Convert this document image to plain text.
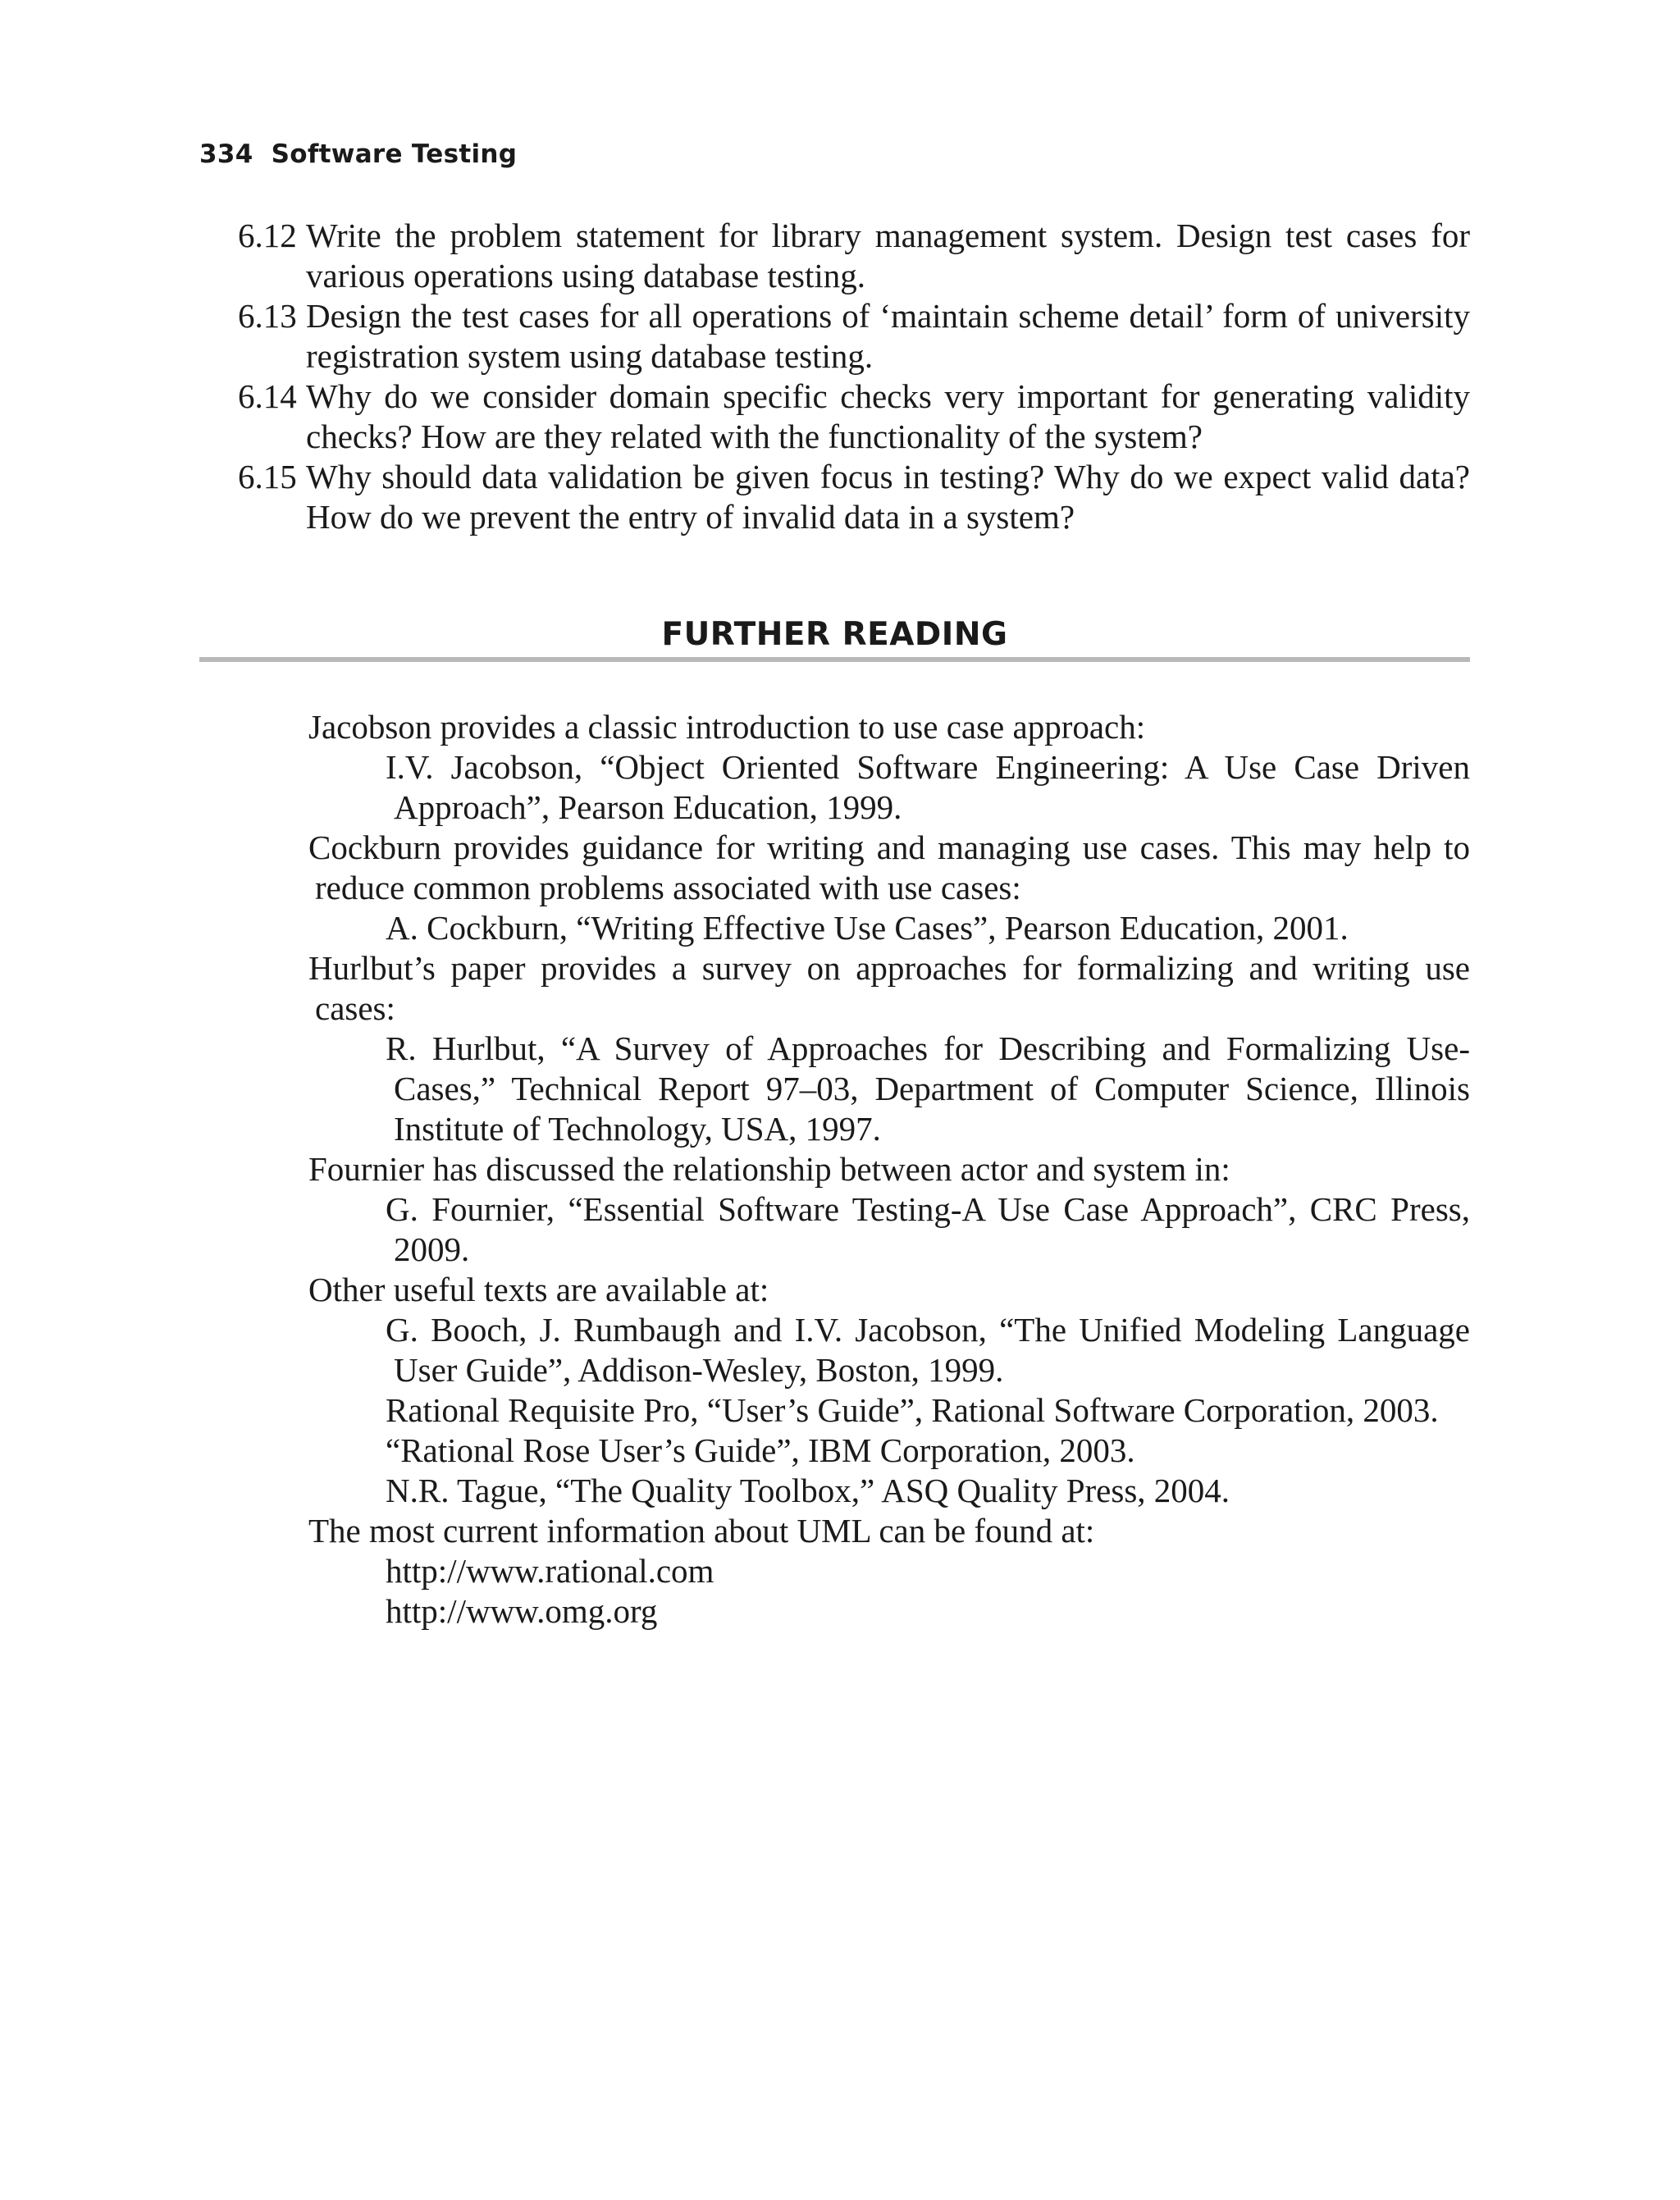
334 Software Testing
6.12 Write the problem statement for library management system. Design test cases for
various operations using database testing.
6.13 Design the test cases for all operations of ‘maintain scheme detail’ form of university
registration system using database testing.
6.14 Why do we consider domain specific checks very important for generating validity
checks? How are they related with the functionality of the system?
6.15 Why should data validation be given focus in testing? Why do we expect valid data?
How do we prevent the entry of invalid data in a system?
FURTHER READING

Jacobson provides a classic introduction to use case approach:

I.V. Jacobson, “Object Oriented Software Engineering: A Use Case Driven
Approach”, Pearson Education, 1999.

Cockburn provides guidance for writing and managing use cases. This may help to
reduce common problems associated with use cases:

A. Cockburn, “Writing Effective Use Cases”, Pearson Education, 2001.

Hurlbut’s paper provides a survey on approaches for formalizing and writing use
cases:

R. Hurlbut, “A Survey of Approaches for Describing and Formalizing Use-
Cases,” Technical Report 97–03, Department of Computer Science, Illinois
Institute of Technology, USA, 1997.

Fournier has discussed the relationship between actor and system in:

G. Fournier, “Essential Software Testing-A Use Case Approach”, CRC Press,
2009.

Other useful texts are available at:

G. Booch, J. Rumbaugh and I.V. Jacobson, “The Unified Modeling Language
User Guide”, Addison-Wesley, Boston, 1999.
Rational Requisite Pro, “User’s Guide”, Rational Software Corporation, 2003.
“Rational Rose User’s Guide”, IBM Corporation, 2003.
N.R. Tague, “The Quality Toolbox,” ASQ Quality Press, 2004.

The most current information about UML can be found at:

http://www.rational.com
http://www.omg.org
